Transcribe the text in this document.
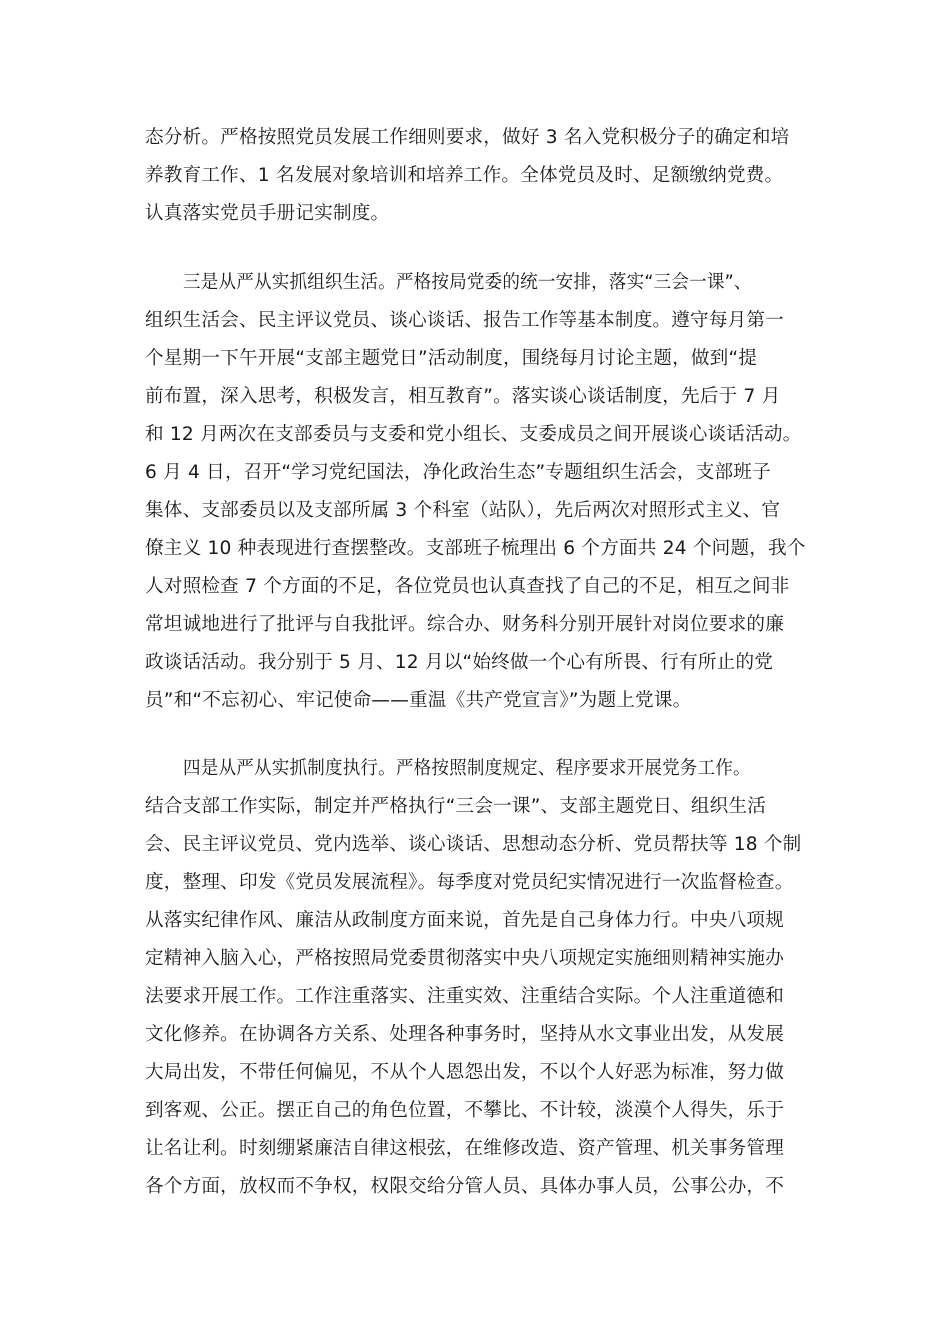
态分析。严格按照党员发展工作细则要求，做好 3 名入党积极分子的确定和培
养教育工作、1 名发展对象培训和培养工作。全体党员及时、足额缴纳党费。
认真落实党员手册记实制度。
三是从严从实抓组织生活。严格按局党委的统一安排，落实“三会一课”、
组织生活会、民主评议党员、谈心谈话、报告工作等基本制度。遵守每月第一
个星期一下午开展“支部主题党日”活动制度，围绕每月讨论主题，做到“提
前布置，深入思考，积极发言，相互教育”。落实谈心谈话制度，先后于 7 月
和 12 月两次在支部委员与支委和党小组长、支委成员之间开展谈心谈话活动。
6 月 4 日，召开“学习党纪国法，净化政治生态”专题组织生活会，支部班子
集体、支部委员以及支部所属 3 个科室（站队），先后两次对照形式主义、官
僚主义 10 种表现进行查摆整改。支部班子梳理出 6 个方面共 24 个问题，我个
人对照检查 7 个方面的不足，各位党员也认真查找了自己的不足，相互之间非
常坦诚地进行了批评与自我批评。综合办、财务科分别开展针对岗位要求的廉
政谈话活动。我分别于 5 月、12 月以“始终做一个心有所畏、行有所止的党
员”和“不忘初心、牢记使命——重温《共产党宣言》”为题上党课。
四是从严从实抓制度执行。严格按照制度规定、程序要求开展党务工作。
结合支部工作实际，制定并严格执行“三会一课”、支部主题党日、组织生活
会、民主评议党员、党内选举、谈心谈话、思想动态分析、党员帮扶等 18 个制
度，整理、印发《党员发展流程》。每季度对党员纪实情况进行一次监督检查。
从落实纪律作风、廉洁从政制度方面来说，首先是自己身体力行。中央八项规
定精神入脑入心，严格按照局党委贯彻落实中央八项规定实施细则精神实施办
法要求开展工作。工作注重落实、注重实效、注重结合实际。个人注重道德和
文化修养。在协调各方关系、处理各种事务时，坚持从水文事业出发，从发展
大局出发，不带任何偏见，不从个人恩怨出发，不以个人好恶为标准，努力做
到客观、公正。摆正自己的角色位置，不攀比、不计较，淡漠个人得失，乐于
让名让利。时刻绷紧廉洁自律这根弦，在维修改造、资产管理、机关事务管理
各个方面，放权而不争权，权限交给分管人员、具体办事人员，公事公办，不
